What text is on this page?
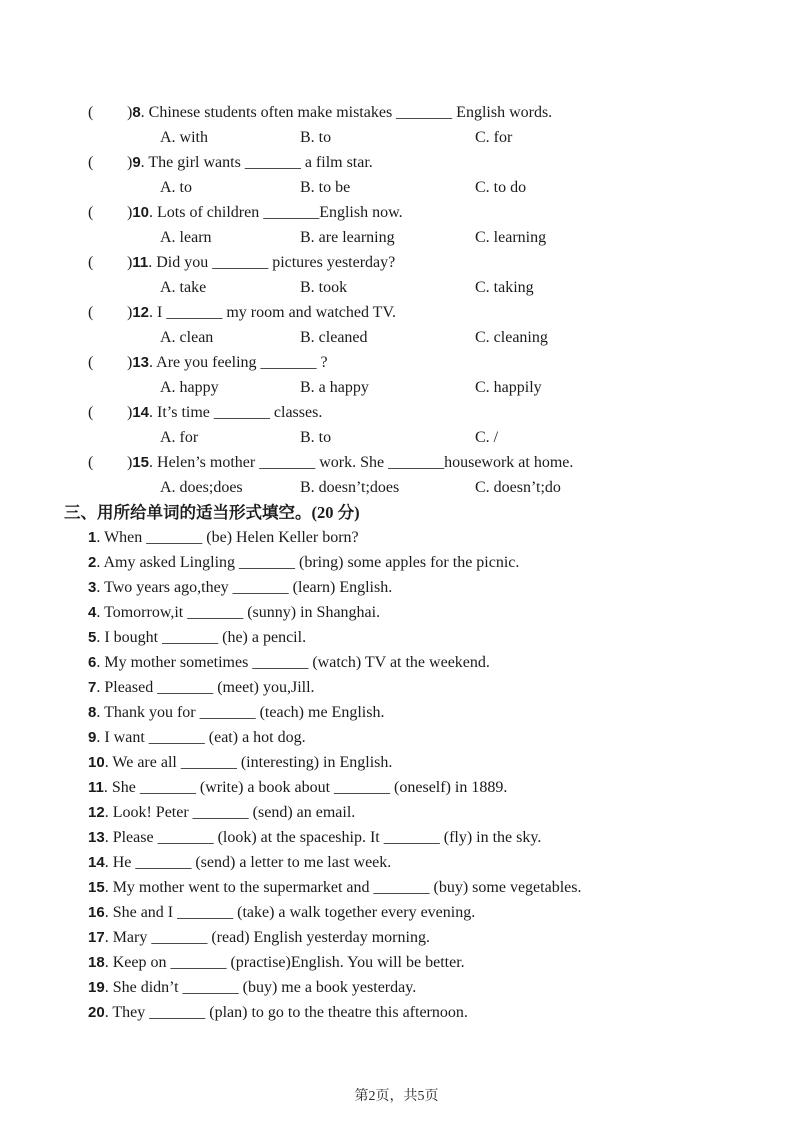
( )8. Chinese students often make mistakes _______ English words.
A. with	B. to	C. for
( )9. The girl wants _______ a film star.
A. to	B. to be	C. to do
( )10. Lots of children _______English now.
A. learn	B. are learning	C. learning
( )11. Did you _______ pictures yesterday?
A. take	B. took	C. taking
( )12. I _______ my room and watched TV.
A. clean	B. cleaned	C. cleaning
( )13. Are you feeling _______ ?
A. happy	B. a happy	C. happily
( )14. It’s time _______ classes.
A. for	B. to	C. /
( )15. Helen’s mother _______ work. She _______housework at home.
A. does;does	B. doesn’t;does	C. doesn’t;do
三、用所给单词的适当形式填空。(20 分)
1. When _______ (be) Helen Keller born?
2. Amy asked Lingling _______ (bring) some apples for the picnic.
3. Two years ago,they _______ (learn) English.
4. Tomorrow,it _______ (sunny) in Shanghai.
5. I bought _______ (he) a pencil.
6. My mother sometimes _______ (watch) TV at the weekend.
7. Pleased _______ (meet) you,Jill.
8. Thank you for _______ (teach) me English.
9. I want _______ (eat) a hot dog.
10. We are all _______ (interesting) in English.
11. She _______ (write) a book about _______ (oneself) in 1889.
12. Look! Peter _______ (send) an email.
13. Please _______ (look) at the spaceship. It _______ (fly) in the sky.
14. He _______ (send) a letter to me last week.
15. My mother went to the supermarket and _______ (buy) some vegetables.
16. She and I _______ (take) a walk together every evening.
17. Mary _______ (read) English yesterday morning.
18. Keep on _______ (practise)English. You will be better.
19. She didn’t _______ (buy) me a book yesterday.
20. They _______ (plan) to go to the theatre this afternoon.
第2页，共5页
